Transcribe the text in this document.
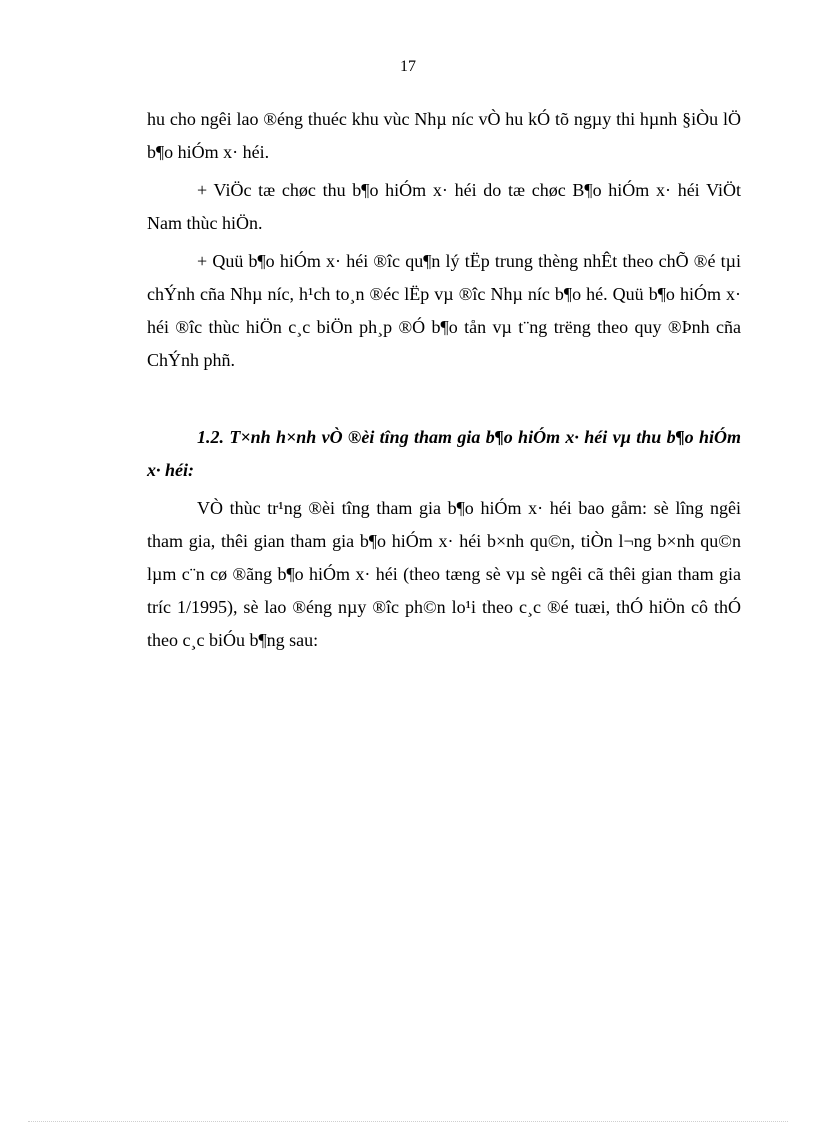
17

hu cho ngêi lao ®éng thuéc khu vùc Nhµ níc vÒ hu kÓ tõ ngµy thi hµnh §iÒu lÖ b¶o hiÓm x· héi.

+ ViÖc tæ chøc thu b¶o hiÓm x· héi do tæ chøc B¶o hiÓm x· héi ViÖt Nam thùc hiÖn.

+ Quü b¶o hiÓm x· héi ®îc qu¶n lý tËp trung thèng nhÊt theo chÕ ®é tµi chÝnh cña Nhµ níc, h¹ch to¸n ®éc lËp vµ ®îc Nhµ níc b¶o hé. Quü b¶o hiÓm x· héi ®îc thùc hiÖn c¸c biÖn ph¸p ®Ó b¶o tån vµ t¨ng trëng theo quy ®Þnh cña ChÝnh phñ.

1.2. T×nh h×nh vÒ ®èi tîng tham gia b¶o hiÓm x· héi vµ thu b¶o hiÓm x· héi:

VÒ thùc tr¹ng ®èi tîng tham gia b¶o hiÓm x· héi bao gåm: sè lîng ngêi tham gia, thêi gian tham gia b¶o hiÓm x· héi b×nh qu©n, tiÒn l¬ng b×nh qu©n lµm c¨n cø ®ãng b¶o hiÓm x· héi (theo tæng sè vµ sè ngêi cã thêi gian tham gia tríc 1/1995), sè lao ®éng nµy ®îc ph©n lo¹i theo c¸c ®é tuæi, thÓ hiÖn cô thÓ theo c¸c biÓu b¶ng sau:
